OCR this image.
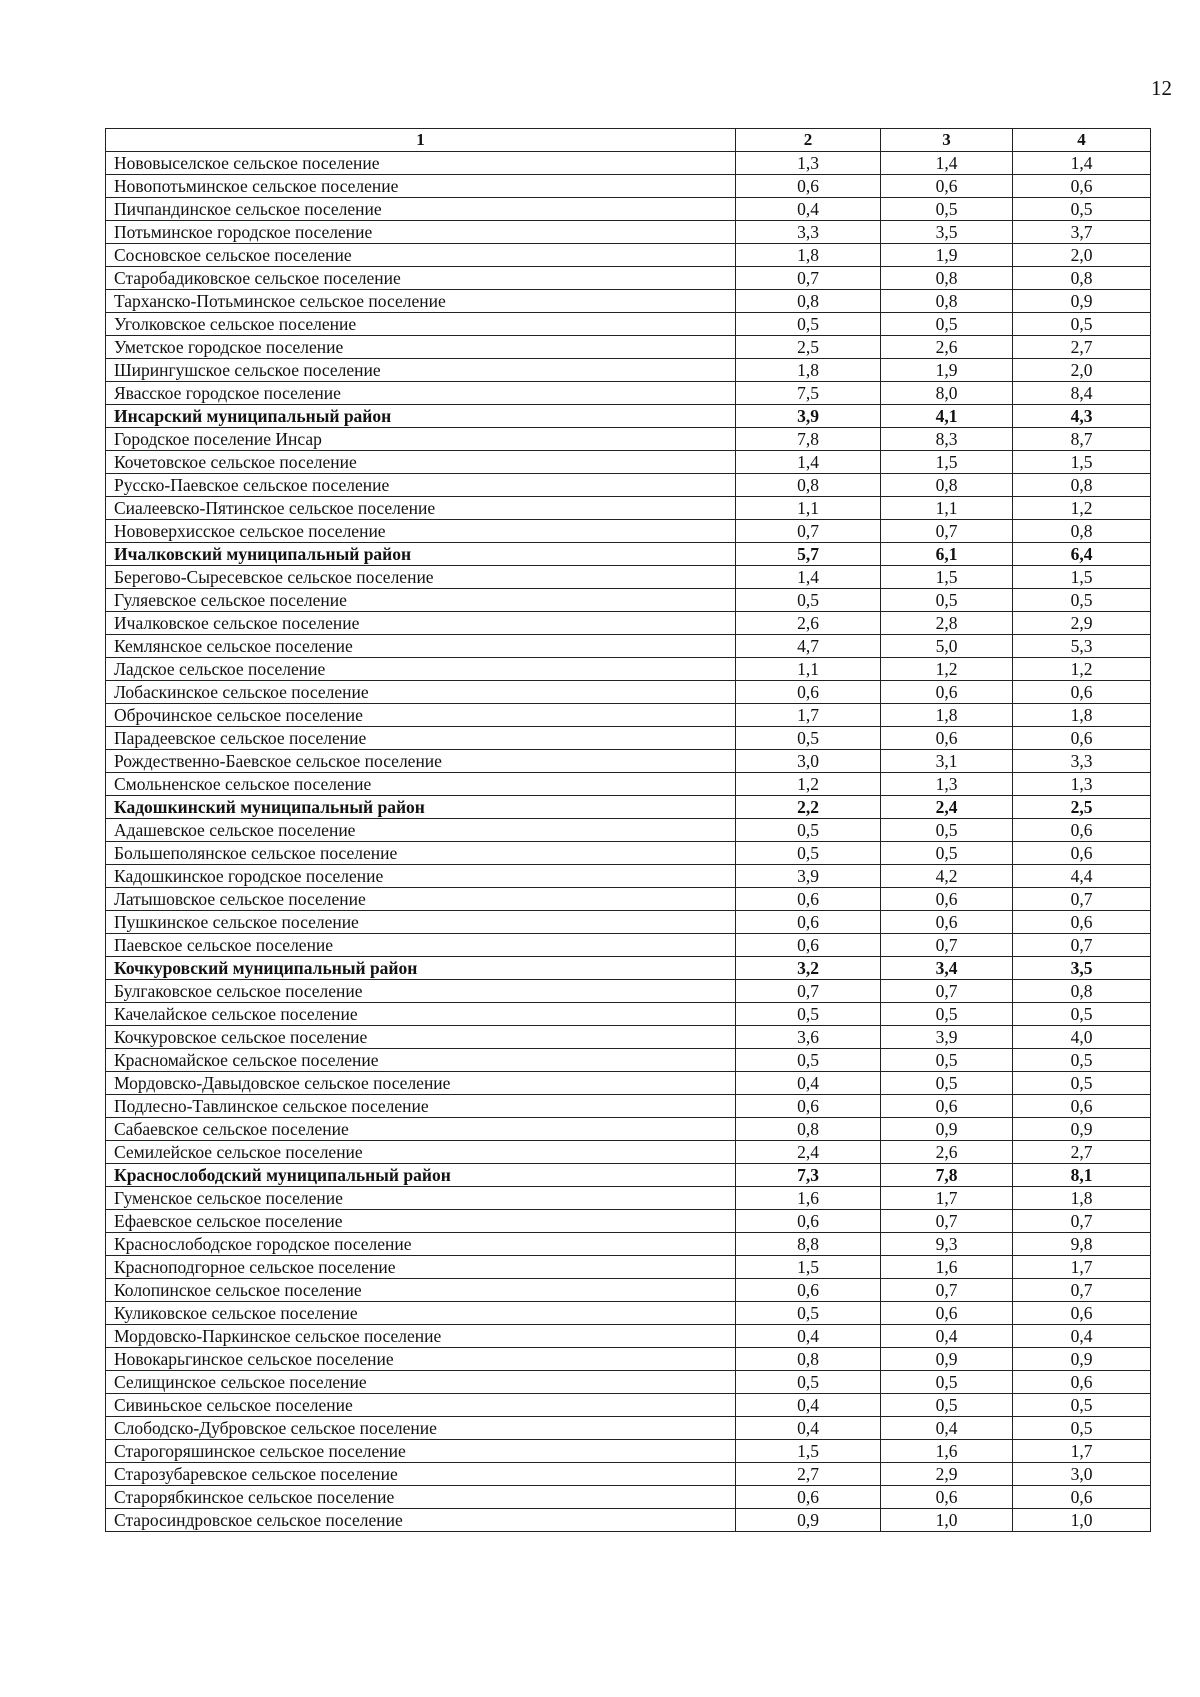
12
1	2	3	4
Нововыселское сельское поселение	1,3	1,4	1,4
Новопотьминское сельское поселение	0,6	0,6	0,6
Пичпандинское сельское поселение	0,4	0,5	0,5
Потьминское городское поселение	3,3	3,5	3,7
Сосновское сельское поселение	1,8	1,9	2,0
Старобадиковское сельское поселение	0,7	0,8	0,8
Тарханско-Потьминское сельское поселение	0,8	0,8	0,9
Уголковское сельское поселение	0,5	0,5	0,5
Уметское городское поселение	2,5	2,6	2,7
Ширингушское сельское поселение	1,8	1,9	2,0
Явасское городское поселение	7,5	8,0	8,4
Инсарский муниципальный район	3,9	4,1	4,3
Городское поселение Инсар	7,8	8,3	8,7
Кочетовское сельское поселение	1,4	1,5	1,5
Русско-Паевское сельское поселение	0,8	0,8	0,8
Сиалеевско-Пятинское сельское поселение	1,1	1,1	1,2
Нововерхисское сельское поселение	0,7	0,7	0,8
Ичалковский муниципальный район	5,7	6,1	6,4
Берегово-Сыресевское сельское поселение	1,4	1,5	1,5
Гуляевское сельское поселение	0,5	0,5	0,5
Ичалковское сельское поселение	2,6	2,8	2,9
Кемлянское сельское поселение	4,7	5,0	5,3
Ладское сельское поселение	1,1	1,2	1,2
Лобаскинское сельское поселение	0,6	0,6	0,6
Оброчинское сельское поселение	1,7	1,8	1,8
Парадеевское сельское поселение	0,5	0,6	0,6
Рождественно-Баевское сельское поселение	3,0	3,1	3,3
Смольненское сельское поселение	1,2	1,3	1,3
Кадошкинский муниципальный район	2,2	2,4	2,5
Адашевское сельское поселение	0,5	0,5	0,6
Большеполянское сельское поселение	0,5	0,5	0,6
Кадошкинское городское поселение	3,9	4,2	4,4
Латышовское сельское поселение	0,6	0,6	0,7
Пушкинское сельское поселение	0,6	0,6	0,6
Паевское сельское поселение	0,6	0,7	0,7
Кочкуровский муниципальный район	3,2	3,4	3,5
Булгаковское сельское поселение	0,7	0,7	0,8
Качелайское сельское поселение	0,5	0,5	0,5
Кочкуровское сельское поселение	3,6	3,9	4,0
Красномайское сельское поселение	0,5	0,5	0,5
Мордовско-Давыдовское сельское поселение	0,4	0,5	0,5
Подлесно-Тавлинское сельское поселение	0,6	0,6	0,6
Сабаевское сельское поселение	0,8	0,9	0,9
Семилейское сельское поселение	2,4	2,6	2,7
Краснослободский муниципальный район	7,3	7,8	8,1
Гуменское сельское поселение	1,6	1,7	1,8
Ефаевское сельское поселение	0,6	0,7	0,7
Краснослободское городское поселение	8,8	9,3	9,8
Красноподгорное сельское поселение	1,5	1,6	1,7
Колопинское сельское поселение	0,6	0,7	0,7
Куликовское сельское поселение	0,5	0,6	0,6
Мордовско-Паркинское сельское поселение	0,4	0,4	0,4
Новокарьгинское сельское поселение	0,8	0,9	0,9
Селищинское сельское поселение	0,5	0,5	0,6
Сивиньское сельское поселение	0,4	0,5	0,5
Слободско-Дубровское сельское поселение	0,4	0,4	0,5
Старогоряшинское сельское поселение	1,5	1,6	1,7
Старозубаревское сельское поселение	2,7	2,9	3,0
Старорябкинское сельское поселение	0,6	0,6	0,6
Старосиндровское сельское поселение	0,9	1,0	1,0
